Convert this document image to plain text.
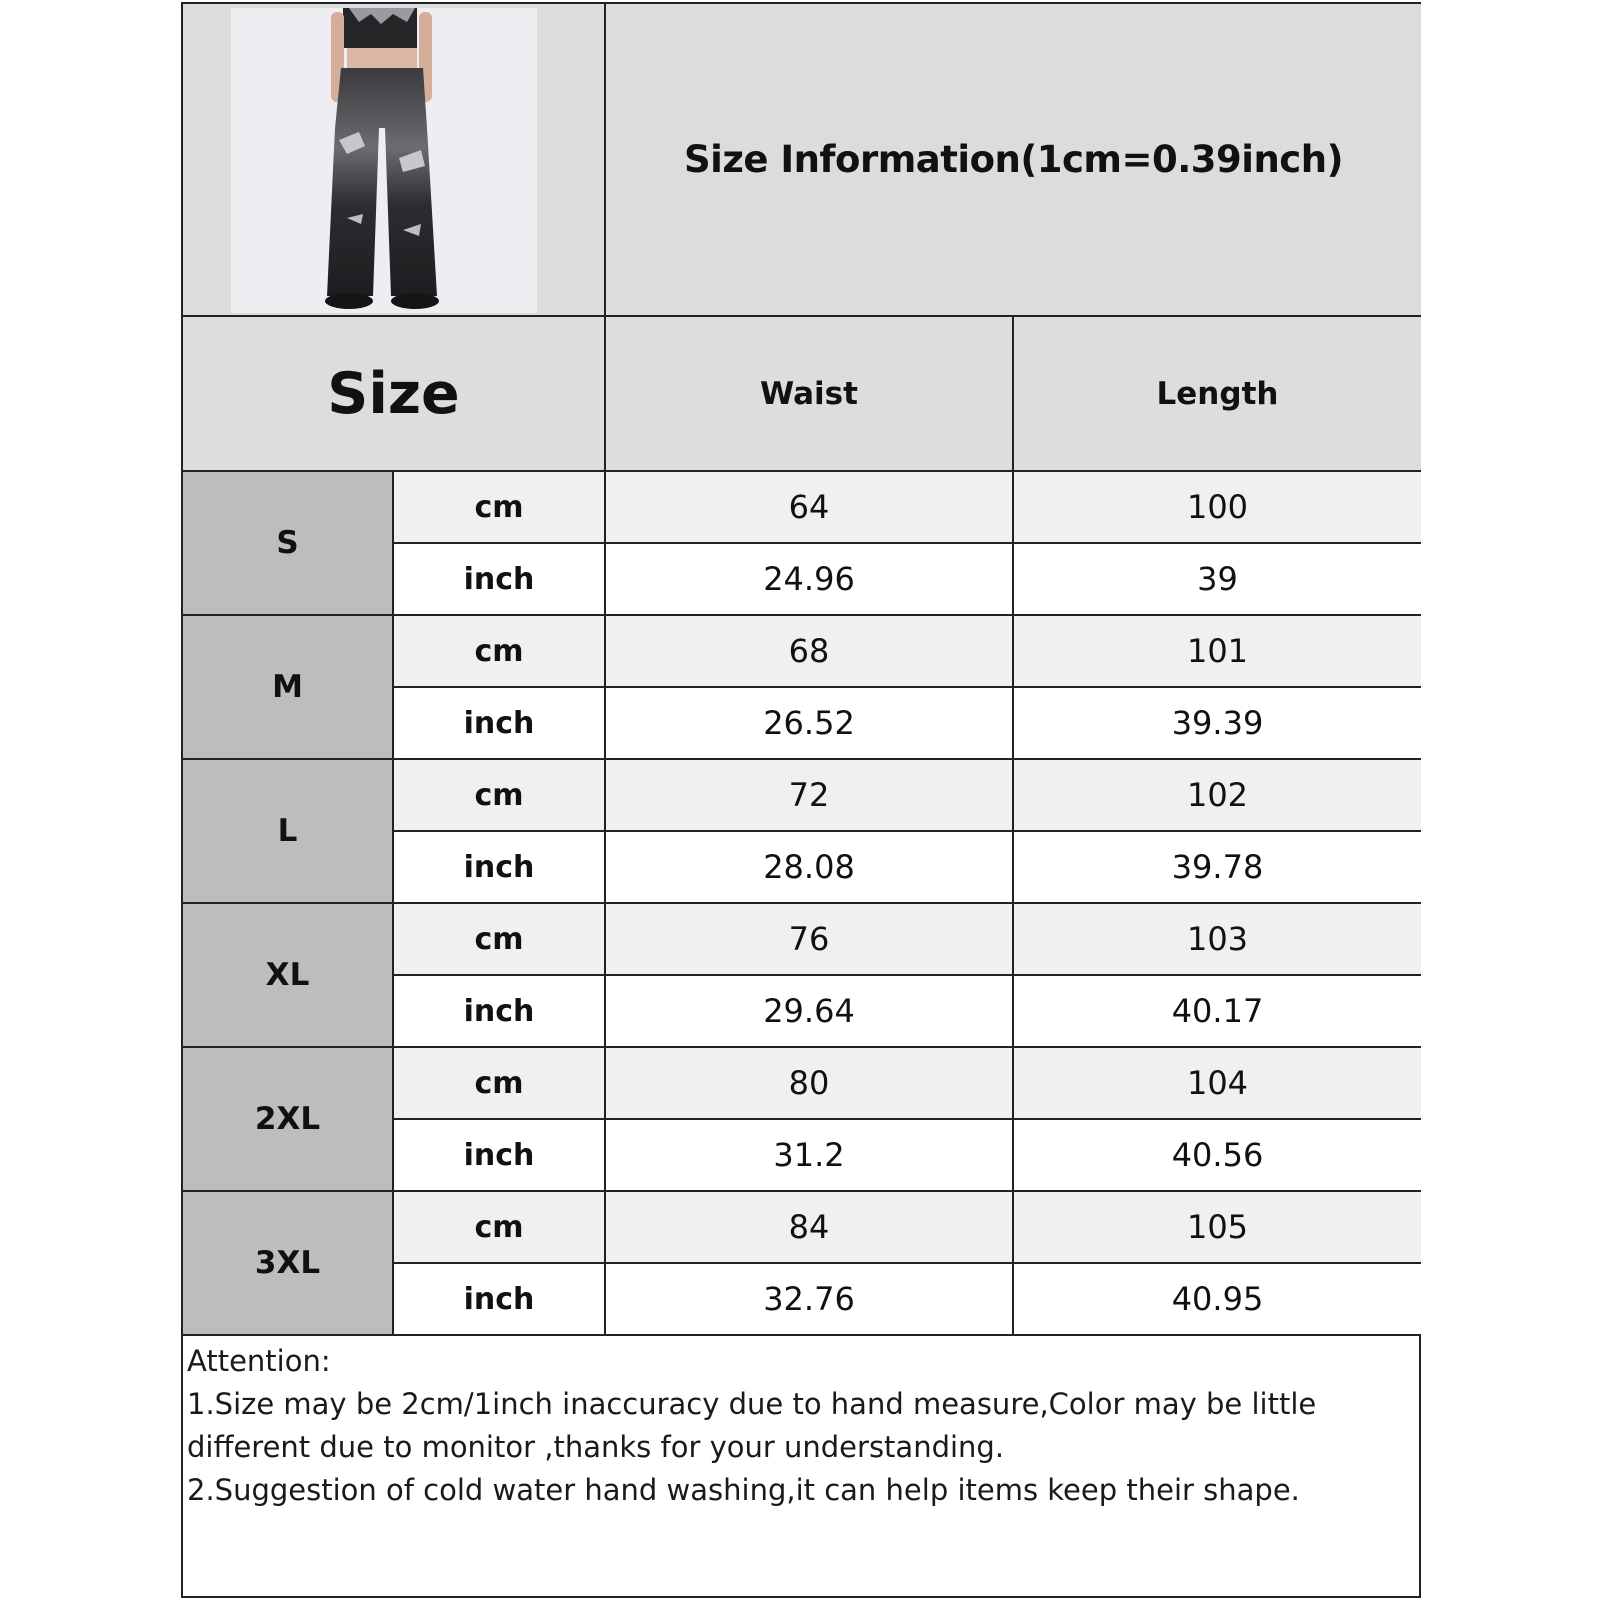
Size Information(1cm=0.39inch)
Size	Waist	Length
S
cm	64	100
inch	24.96	39
M
cm	68	101
inch	26.52	39.39
L
cm	72	102
inch	28.08	39.78
XL
cm	76	103
inch	29.64	40.17
2XL
cm	80	104
inch	31.2	40.56
3XL
cm	84	105
inch	32.76	40.95
Attention:
1.Size may be 2cm/1inch inaccuracy due to hand measure,Color may be little different due to monitor ,thanks for your understanding.
2.Suggestion of cold water hand washing,it can help items keep their shape.
